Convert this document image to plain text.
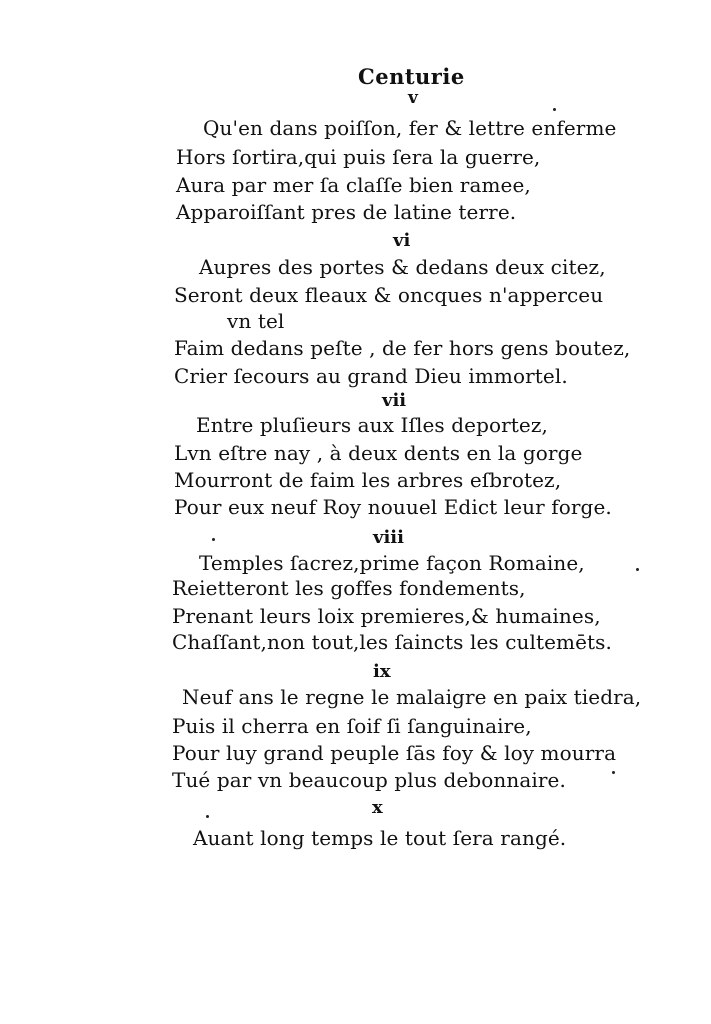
Centurie
v
Qu'en dans poiſſon, fer & lettre enferme
Hors ſortira,qui puis ſera la guerre,
Aura par mer ſa claſſe bien ramee,
Apparoiſſant pres de latine terre.
vi
Aupres des portes & dedans deux citez,
Seront deux fleaux & oncques n'apperceu
vn tel
Faim dedans peſte , de fer hors gens boutez,
Crier ſecours au grand Dieu immortel.
vii
Entre pluſieurs aux Iſles deportez,
Lvn eſtre nay , à deux dents en la gorge
Mourront de faim les arbres eſbrotez,
Pour eux neuf Roy nouuel Edict leur forge.
viii
Temples ſacrez,prime façon Romaine,
Reietteront les goffes fondements,
Prenant leurs loix premieres,& humaines,
Chaſſant,non tout,les ſaincts les cultemēts.
ix
Neuf ans le regne le malaigre en paix tiedra,
Puis il cherra en ſoif ſi ſanguinaire,
Pour luy grand peuple ſās foy & loy mourra
Tué par vn beaucoup plus debonnaire.
x
Auant long temps le tout ſera rangé.
